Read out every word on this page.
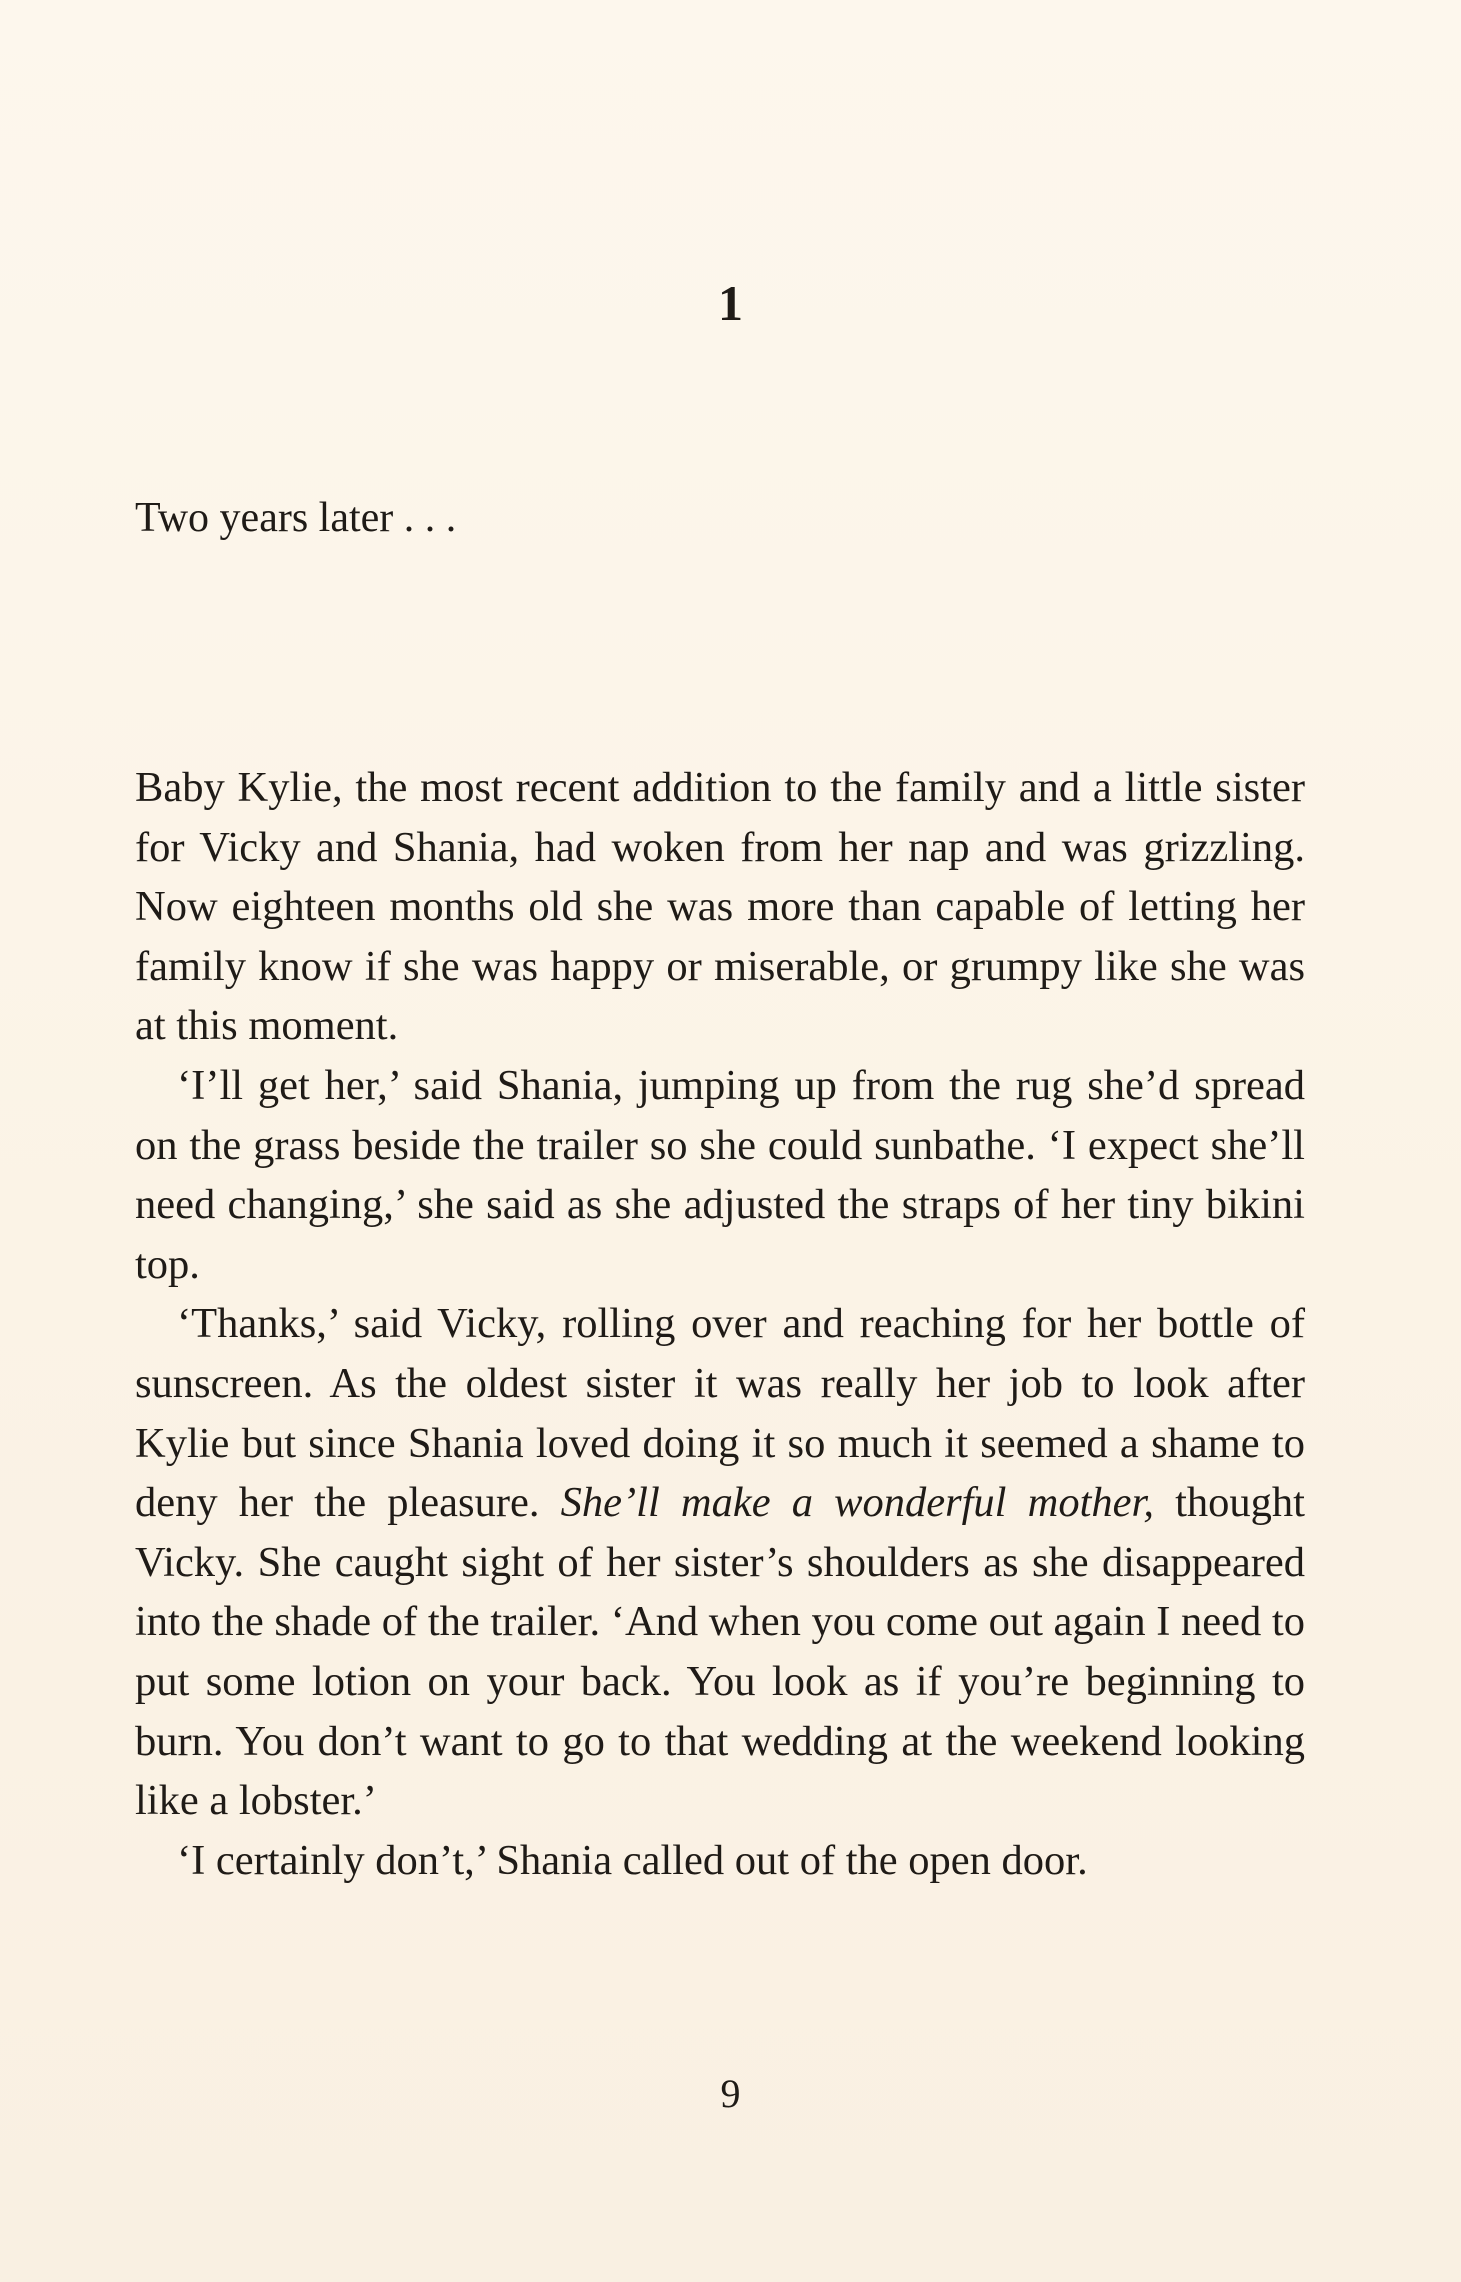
1

Two years later . . .

Baby Kylie, the most recent addition to the family and a little sister for Vicky and Shania, had woken from her nap and was grizzling. Now eighteen months old she was more than capable of letting her family know if she was happy or miserable, or grumpy like she was at this moment.

‘I’ll get her,’ said Shania, jumping up from the rug she’d spread on the grass beside the trailer so she could sunbathe. ‘I expect she’ll need changing,’ she said as she adjusted the straps of her tiny bikini top.

‘Thanks,’ said Vicky, rolling over and reaching for her bottle of sunscreen. As the oldest sister it was really her job to look after Kylie but since Shania loved doing it so much it seemed a shame to deny her the pleasure. She’ll make a wonderful mother, thought Vicky. She caught sight of her sister’s shoulders as she disappeared into the shade of the trailer. ‘And when you come out again I need to put some lotion on your back. You look as if you’re beginning to burn. You don’t want to go to that wedding at the weekend looking like a lobster.’

‘I certainly don’t,’ Shania called out of the open door.

9
